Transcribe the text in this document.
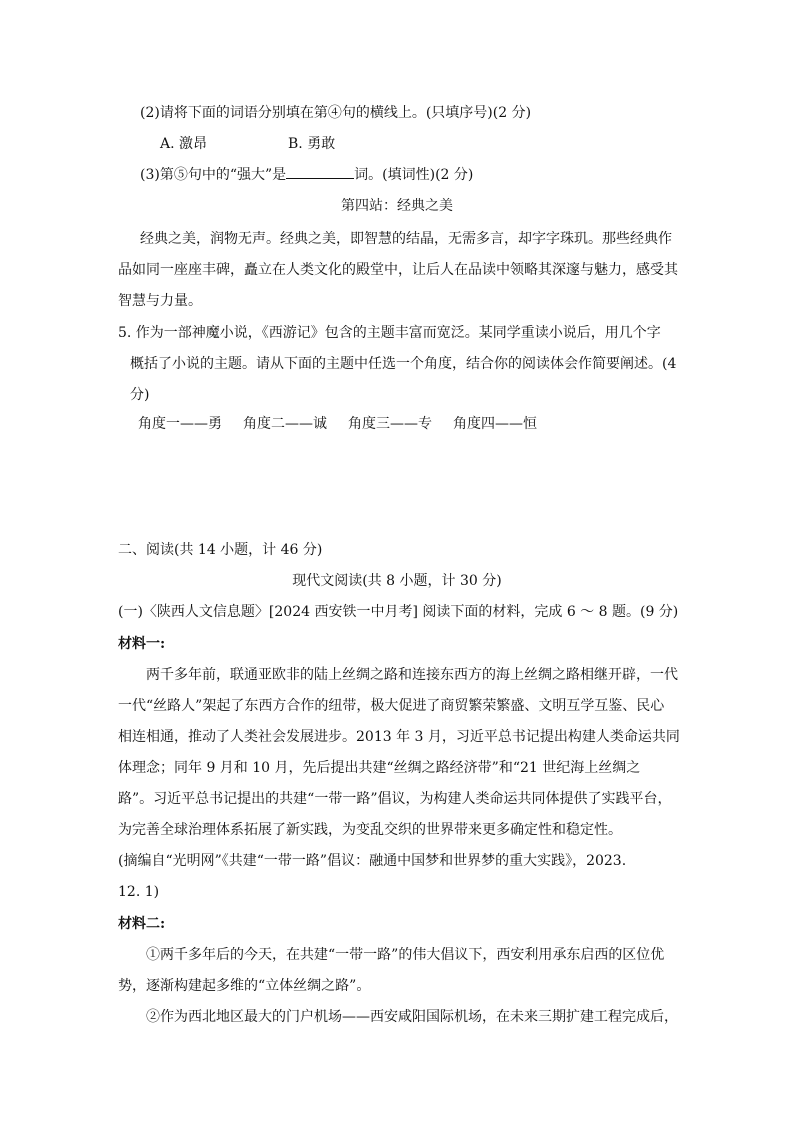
(2)请将下面的词语分别填在第④句的横线上。(只填序号)(2 分)
A. 激昂	B. 勇敢
(3)第⑤句中的“强大”是	词。(填词性)(2 分)
第四站：经典之美
经典之美，润物无声。经典之美，即智慧的结晶，无需多言，却字字珠玑。那些经典作
品如同一座座丰碑，矗立在人类文化的殿堂中，让后人在品读中领略其深邃与魅力，感受其
智慧与力量。
5. 作为一部神魔小说，《西游记》包含的主题丰富而宽泛。某同学重读小说后，用几个字
概括了小说的主题。请从下面的主题中任选一个角度，结合你的阅读体会作简要阐述。(4
分)
角度一——勇 角度二——诚 角度三——专 角度四——恒
二、阅读(共 14 小题，计 46 分)
现代文阅读(共 8 小题，计 30 分)
(一)〈陕西人文信息题〉[2024 西安铁一中月考] 阅读下面的材料，完成 6 ～ 8 题。(9 分)
材料一:
两千多年前，联通亚欧非的陆上丝绸之路和连接东西方的海上丝绸之路相继开辟，一代
一代“丝路人”架起了东西方合作的纽带，极大促进了商贸繁荣繁盛、文明互学互鉴、民心
相连相通，推动了人类社会发展进步。2013 年 3 月，习近平总书记提出构建人类命运共同
体理念；同年 9 月和 10 月，先后提出共建“丝绸之路经济带”和“21 世纪海上丝绸之
路”。习近平总书记提出的共建“一带一路”倡议，为构建人类命运共同体提供了实践平台，
为完善全球治理体系拓展了新实践，为变乱交织的世界带来更多确定性和稳定性。
(摘编自“光明网”《共建“一带一路”倡议：融通中国梦和世界梦的重大实践》，2023.
12. 1)
材料二:
①两千多年后的今天，在共建“一带一路”的伟大倡议下，西安利用承东启西的区位优
势，逐渐构建起多维的“立体丝绸之路”。
②作为西北地区最大的门户机场——西安咸阳国际机场，在未来三期扩建工程完成后，
